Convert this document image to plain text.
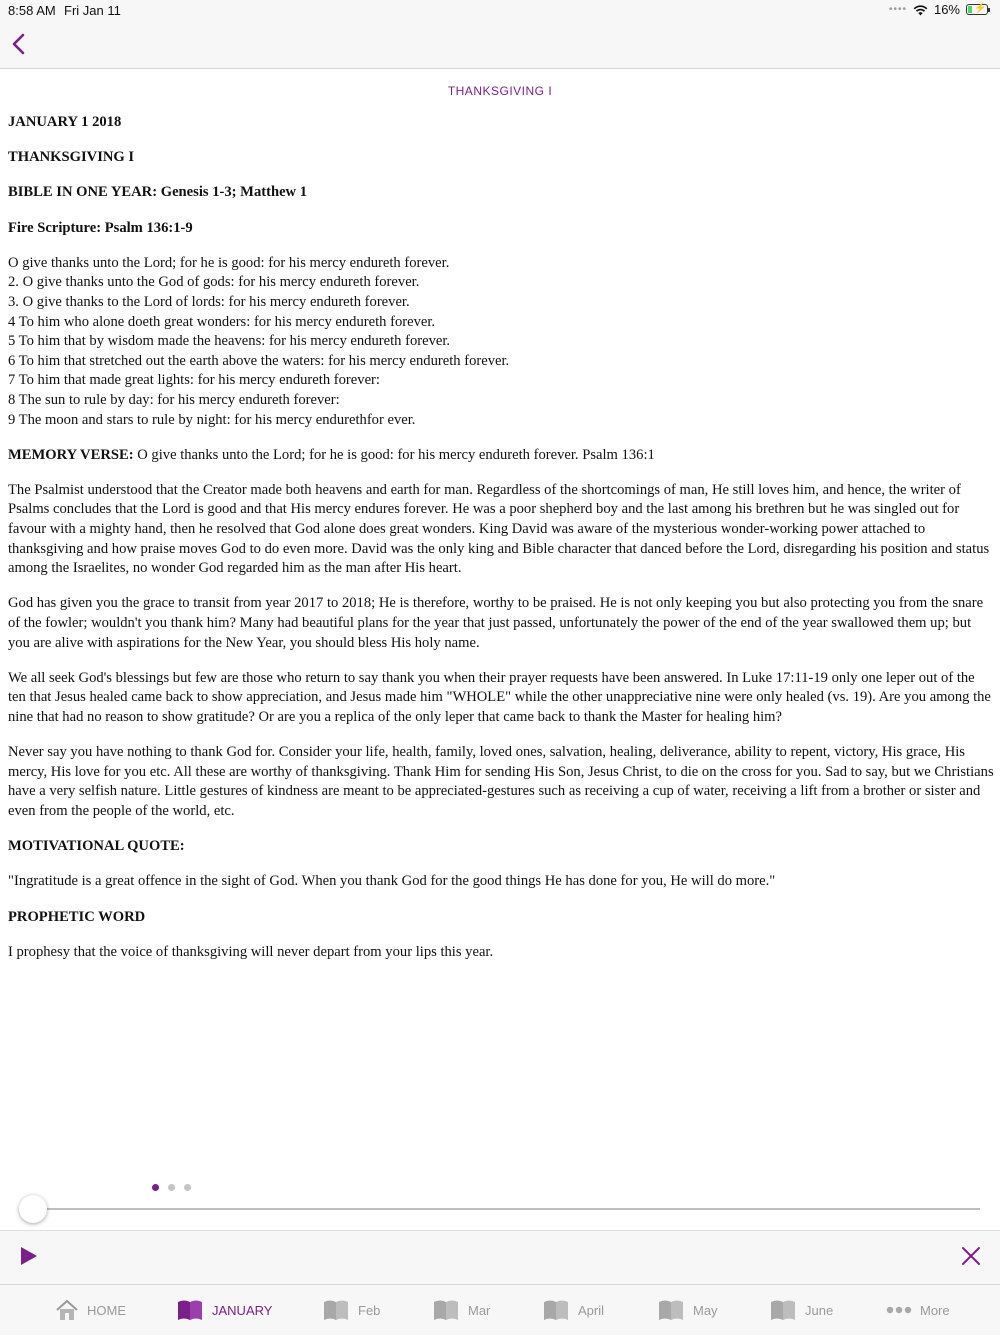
8:58 AM Fri Jan 11	•••• 16% ⚡
THANKSGIVING I

JANUARY 1 2018

THANKSGIVING I

BIBLE IN ONE YEAR: Genesis 1-3; Matthew 1

Fire Scripture: Psalm 136:1-9

O give thanks unto the Lord; for he is good: for his mercy endureth forever.
2. O give thanks unto the God of gods: for his mercy endureth forever.
3. O give thanks to the Lord of lords: for his mercy endureth forever.
4 To him who alone doeth great wonders: for his mercy endureth forever.
5 To him that by wisdom made the heavens: for his mercy endureth forever.
6 To him that stretched out the earth above the waters: for his mercy endureth forever.
7 To him that made great lights: for his mercy endureth forever:
8 The sun to rule by day: for his mercy endureth forever:
9 The moon and stars to rule by night: for his mercy endurethfor ever.

MEMORY VERSE: O give thanks unto the Lord; for he is good: for his mercy endureth forever. Psalm 136:1

The Psalmist understood that the Creator made both heavens and earth for man. Regardless of the shortcomings of man, He still loves him, and hence, the writer of Psalms concludes that the Lord is good and that His mercy endures forever. He was a poor shepherd boy and the last among his brethren but he was singled out for favour with a mighty hand, then he resolved that God alone does great wonders. King David was aware of the mysterious wonder-working power attached to thanksgiving and how praise moves God to do even more. David was the only king and Bible character that danced before the Lord, disregarding his position and status among the Israelites, no wonder God regarded him as the man after His heart.

God has given you the grace to transit from year 2017 to 2018; He is therefore, worthy to be praised. He is not only keeping you but also protecting you from the snare of the fowler; wouldn't you thank him? Many had beautiful plans for the year that just passed, unfortunately the power of the end of the year swallowed them up; but you are alive with aspirations for the New Year, you should bless His holy name.

We all seek God's blessings but few are those who return to say thank you when their prayer requests have been answered. In Luke 17:11-19 only one leper out of the ten that Jesus healed came back to show appreciation, and Jesus made him "WHOLE" while the other unappreciative nine were only healed (vs. 19). Are you among the nine that had no reason to show gratitude? Or are you a replica of the only leper that came back to thank the Master for healing him?

Never say you have nothing to thank God for. Consider your life, health, family, loved ones, salvation, healing, deliverance, ability to repent, victory, His grace, His mercy, His love for you etc. All these are worthy of thanksgiving. Thank Him for sending His Son, Jesus Christ, to die on the cross for you. Sad to say, but we Christians have a very selfish nature. Little gestures of kindness are meant to be appreciated-gestures such as receiving a cup of water, receiving a lift from a brother or sister and even from the people of the world, etc.

MOTIVATIONAL QUOTE:

"Ingratitude is a great offence in the sight of God. When you thank God for the good things He has done for you, He will do more."

PROPHETIC WORD

I prophesy that the voice of thanksgiving will never depart from your lips this year.

HOME	JANUARY	Feb	Mar	April	May	June	More
